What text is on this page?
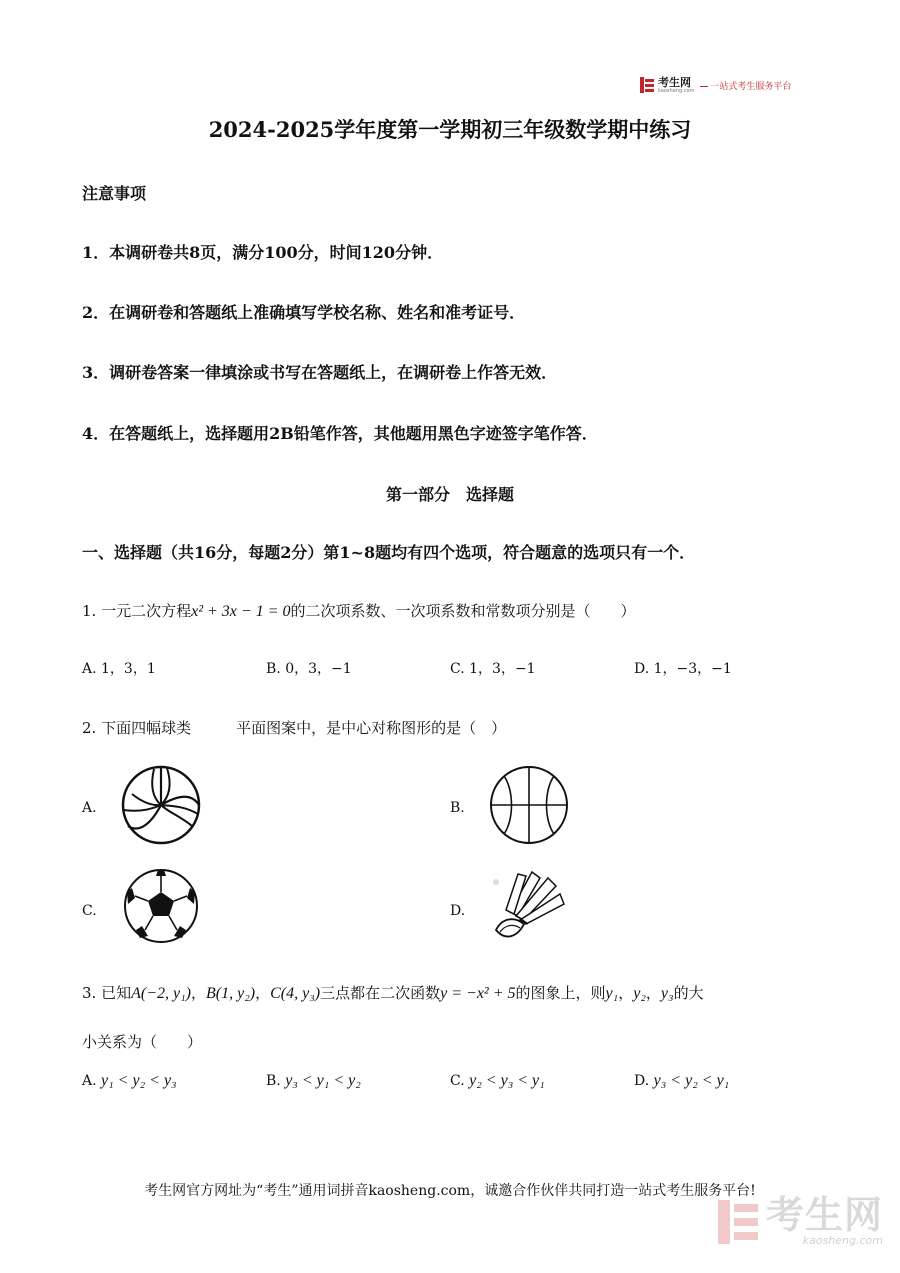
考生网
kaosheng.com	一站式考生服务平台
2024-2025学年度第一学期初三年级数学期中练习
注意事项
1．本调研卷共8页，满分100分，时间120分钟．
2．在调研卷和答题纸上准确填写学校名称、姓名和准考证号．
3．调研卷答案一律填涂或书写在答题纸上，在调研卷上作答无效．
4．在答题纸上，选择题用2B铅笔作答，其他题用黑色字迹签字笔作答．
第一部分　选择题
一、选择题（共16分，每题2分）第1~8题均有四个选项，符合题意的选项只有一个．
1. 一元二次方程x² + 3x − 1 = 0的二次项系数、一次项系数和常数项分别是（　　）
A. 1，3，1	B. 0，3，−1	C. 1，3，−1	D. 1，−3，−1
2. 下面四幅球类　　　平面图案中，是中心对称图形的是（　）
A.	B.
C.	D.
3. 已知A(−2, y₁)，B(1, y₂)，C(4, y₃)三点都在二次函数y = −x² + 5的图象上，则y₁，y₂，y₃的大
小关系为（　　）
A. y₁ < y₂ < y₃	B. y₃ < y₁ < y₂	C. y₂ < y₃ < y₁	D. y₃ < y₂ < y₁
考生网官方网址为“考生”通用词拼音kaosheng.com，诚邀合作伙伴共同打造一站式考生服务平台!
考生网
kaosheng.com
